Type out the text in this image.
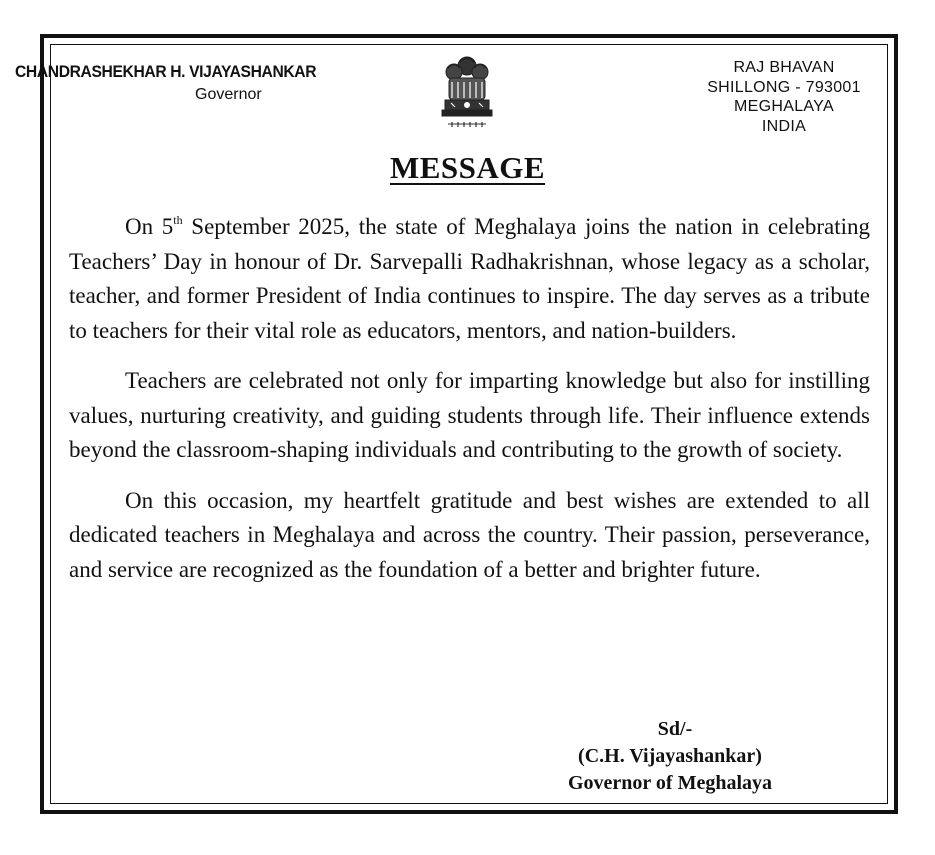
CHANDRASHEKHAR H. VIJAYASHANKAR
Governor
RAJ BHAVAN
SHILLONG - 793001
MEGHALAYA
INDIA
MESSAGE

On 5th September 2025, the state of Meghalaya joins the nation in celebrating Teachers’ Day in honour of Dr. Sarvepalli Radhakrishnan, whose legacy as a scholar, teacher, and former President of India continues to inspire. The day serves as a tribute to teachers for their vital role as educators, mentors, and nation-builders.

Teachers are celebrated not only for imparting knowledge but also for instilling values, nurturing creativity, and guiding students through life. Their influence extends beyond the classroom-shaping individuals and contributing to the growth of society.

On this occasion, my heartfelt gratitude and best wishes are extended to all dedicated teachers in Meghalaya and across the country. Their passion, perseverance, and service are recognized as the foundation of a better and brighter future.

Sd/-
(C.H. Vijayashankar)
Governor of Meghalaya
